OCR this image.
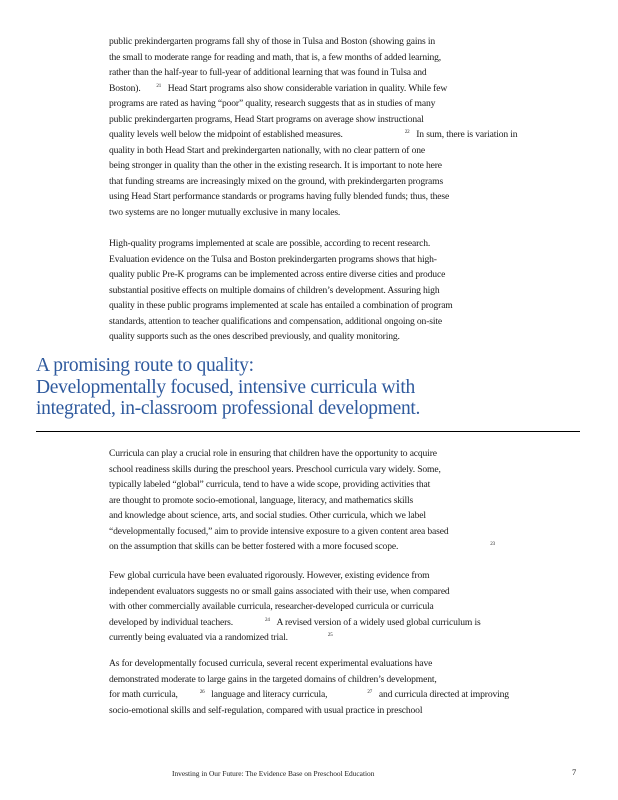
public prekindergarten programs fall shy of those in Tulsa and Boston (showing gains in
the small to moderate range for reading and math, that is, a few months of added learning,
rather than the half-year to full-year of additional learning that was found in Tulsa and
Boston).	$^{21}$ Head Start programs also show considerable variation in quality. While few
programs are rated as having “poor” quality, research suggests that as in studies of many
public prekindergarten programs, Head Start programs on average show instructional
quality levels well below the midpoint of established measures.	$^{22}$ In sum, there is variation in
quality in both Head Start and prekindergarten nationally, with no clear pattern of one
being stronger in quality than the other in the existing research. It is important to note here
that funding streams are increasingly mixed on the ground, with prekindergarten programs
using Head Start performance standards or programs having fully blended funds; thus, these
two systems are no longer mutually exclusive in many locales.
High-quality programs implemented at scale are possible, according to recent research.
Evaluation evidence on the Tulsa and Boston prekindergarten programs shows that high-
quality public Pre-K programs can be implemented across entire diverse cities and produce
substantial positive effects on multiple domains of children’s development. Assuring high
quality in these public programs implemented at scale has entailed a combination of program
standards, attention to teacher qualifications and compensation, additional ongoing on-site
quality supports such as the ones described previously, and quality monitoring.
A promising route to quality:
Developmentally focused, intensive curricula with
integrated, in-classroom professional development.
Curricula can play a crucial role in ensuring that children have the opportunity to acquire
school readiness skills during the preschool years. Preschool curricula vary widely. Some,
typically labeled “global” curricula, tend to have a wide scope, providing activities that
are thought to promote socio-emotional, language, literacy, and mathematics skills
and knowledge about science, arts, and social studies. Other curricula, which we label
“developmentally focused,” aim to provide intensive exposure to a given content area based
on the assumption that skills can be better fostered with a more focused scope.	$^{23}$
Few global curricula have been evaluated rigorously. However, existing evidence from
independent evaluators suggests no or small gains associated with their use, when compared
with other commercially available curricula, researcher-developed curricula or curricula
developed by individual teachers.	$^{24}$ A revised version of a widely used global curriculum is
currently being evaluated via a randomized trial.	$^{25}$
As for developmentally focused curricula, several recent experimental evaluations have
demonstrated moderate to large gains in the targeted domains of children’s development,
for math curricula,	$^{26}$ language and literacy curricula,	$^{27}$ and curricula directed at improving
socio-emotional skills and self-regulation, compared with usual practice in preschool
Investing in Our Future: The Evidence Base on Preschool Education	7
